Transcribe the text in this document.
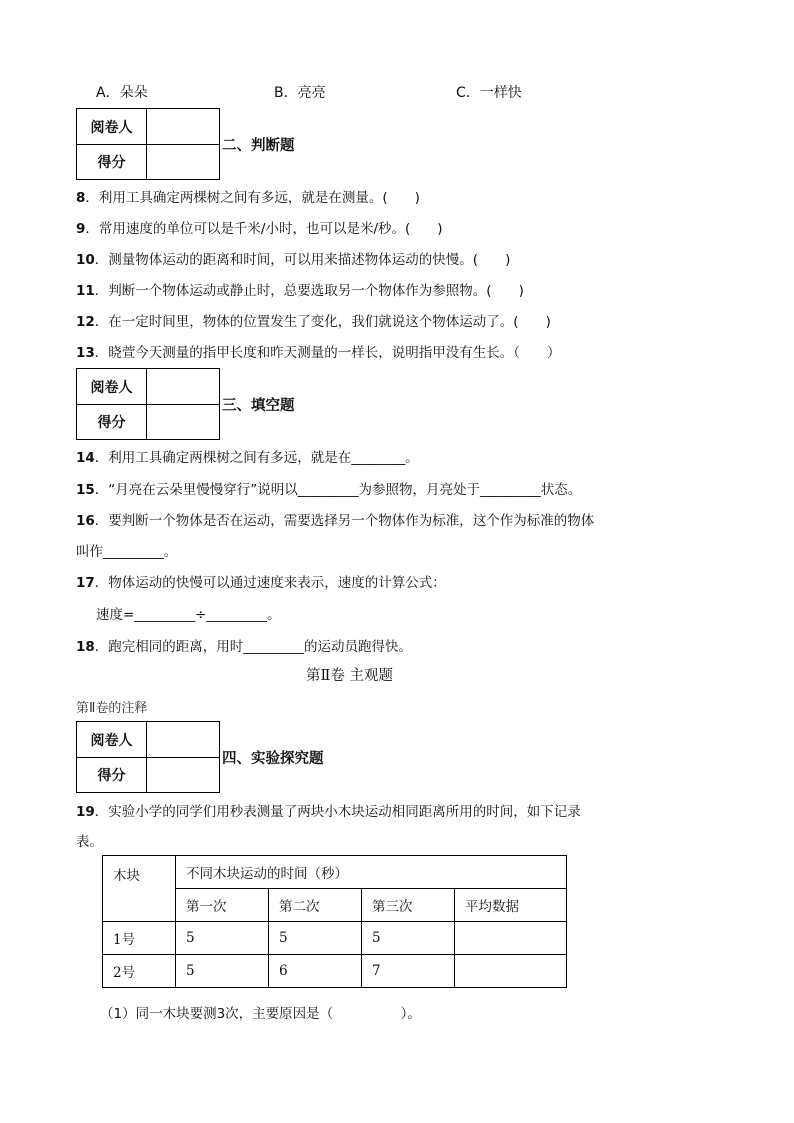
A．朵朵	B．亮亮	C．一样快
阅卷人
得分
二、判断题
8．利用工具确定两棵树之间有多远，就是在测量。(　　)
9．常用速度的单位可以是千米/小时，也可以是米/秒。(　　)
10．测量物体运动的距离和时间，可以用来描述物体运动的快慢。(　　)
11．判断一个物体运动或静止时，总要选取另一个物体作为参照物。(　　)
12．在一定时间里，物体的位置发生了变化，我们就说这个物体运动了。(　　)
13．晓萱今天测量的指甲长度和昨天测量的一样长，说明指甲没有生长。（　　）
阅卷人
得分
三、填空题
14．利用工具确定两棵树之间有多远，就是在________。
15．“月亮在云朵里慢慢穿行”说明以_________为参照物，月亮处于_________状态。
16．要判断一个物体是否在运动，需要选择另一个物体作为标准，这个作为标准的物体
叫作_________。
17．物体运动的快慢可以通过速度来表示，速度的计算公式：
速度=_________÷_________。
18．跑完相同的距离，用时_________的运动员跑得快。
第Ⅱ卷 主观题
第Ⅱ卷的注释
阅卷人
得分
四、实验探究题
19．实验小学的同学们用秒表测量了两块小木块运动相同距离所用的时间，如下记录
表。
木块	不同木块运动的时间（秒）			
	第一次	第二次	第三次	平均数据
1号	5	5	5	
2号	5	6	7	
（1）同一木块要测3次，主要原因是（　　　　　）。
